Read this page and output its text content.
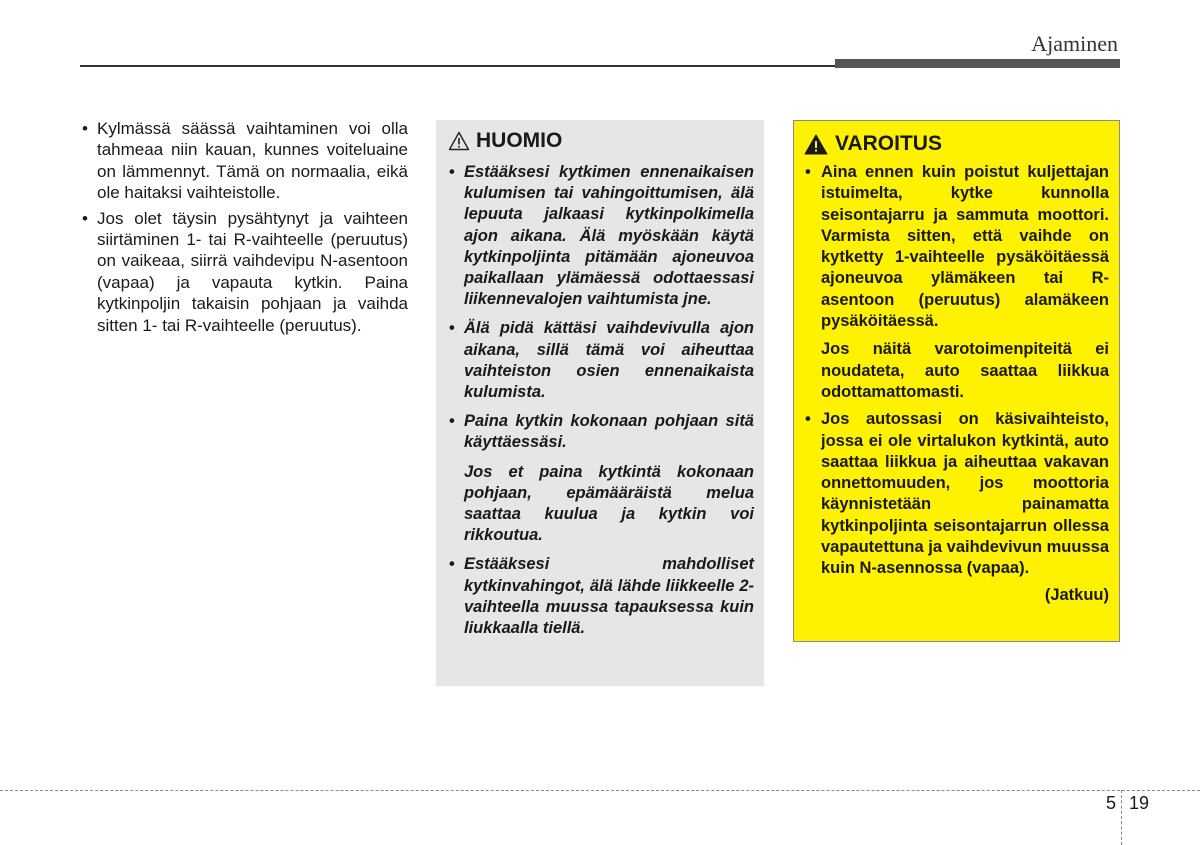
Ajaminen
• Kylmässä säässä vaihtaminen voi olla tahmeaa niin kauan, kunnes voiteluaine on lämmennyt. Tämä on normaalia, eikä ole haitaksi vaihteistolle.
• Jos olet täysin pysähtynyt ja vaihteen siirtäminen 1- tai R-vaihteelle (peruutus) on vaikeaa, siirrä vaihdevipu N-asentoon (vapaa) ja vapauta kytkin. Paina kytkinpoljin takaisin pohjaan ja vaihda sitten 1- tai R-vaihteelle (peruutus).
HUOMIO
• Estääksesi kytkimen ennenaikaisen kulumisen tai vahingoittumisen, älä lepuuta jalkaasi kytkinpolkimella ajon aikana. Älä myöskään käytä kytkinpoljinta pitämään ajoneuvoa paikallaan ylämäessä odottaessasi liikennevalojen vaihtumista jne.
• Älä pidä kättäsi vaihdevivulla ajon aikana, sillä tämä voi aiheuttaa vaihteiston osien ennenaikaista kulumista.
• Paina kytkin kokonaan pohjaan sitä käyttäessäsi.
Jos et paina kytkintä kokonaan pohjaan, epämääräistä melua saattaa kuulua ja kytkin voi rikkoutua.
• Estääksesi mahdolliset kytkinvahingot, älä lähde liikkeelle 2-vaihteella muussa tapauksessa kuin liukkaalla tiellä.
VAROITUS
• Aina ennen kuin poistut kuljettajan istuimelta, kytke kunnolla seisontajarru ja sammuta moottori. Varmista sitten, että vaihde on kytketty 1-vaihteelle pysäköitäessä ajoneuvoa ylämäkeen tai R-asentoon (peruutus) alamäkeen pysäköitäessä.
Jos näitä varotoimenpiteitä ei noudateta, auto saattaa liikkua odottamattomasti.
• Jos autossasi on käsivaihteisto, jossa ei ole virtalukon kytkintä, auto saattaa liikkua ja aiheuttaa vakavan onnettomuuden, jos moottoria käynnistetään painamatta kytkinpoljinta seisontajarrun ollessa vapautettuna ja vaihdevivun muussa kuin N-asennossa (vapaa).
(Jatkuu)
5 19
